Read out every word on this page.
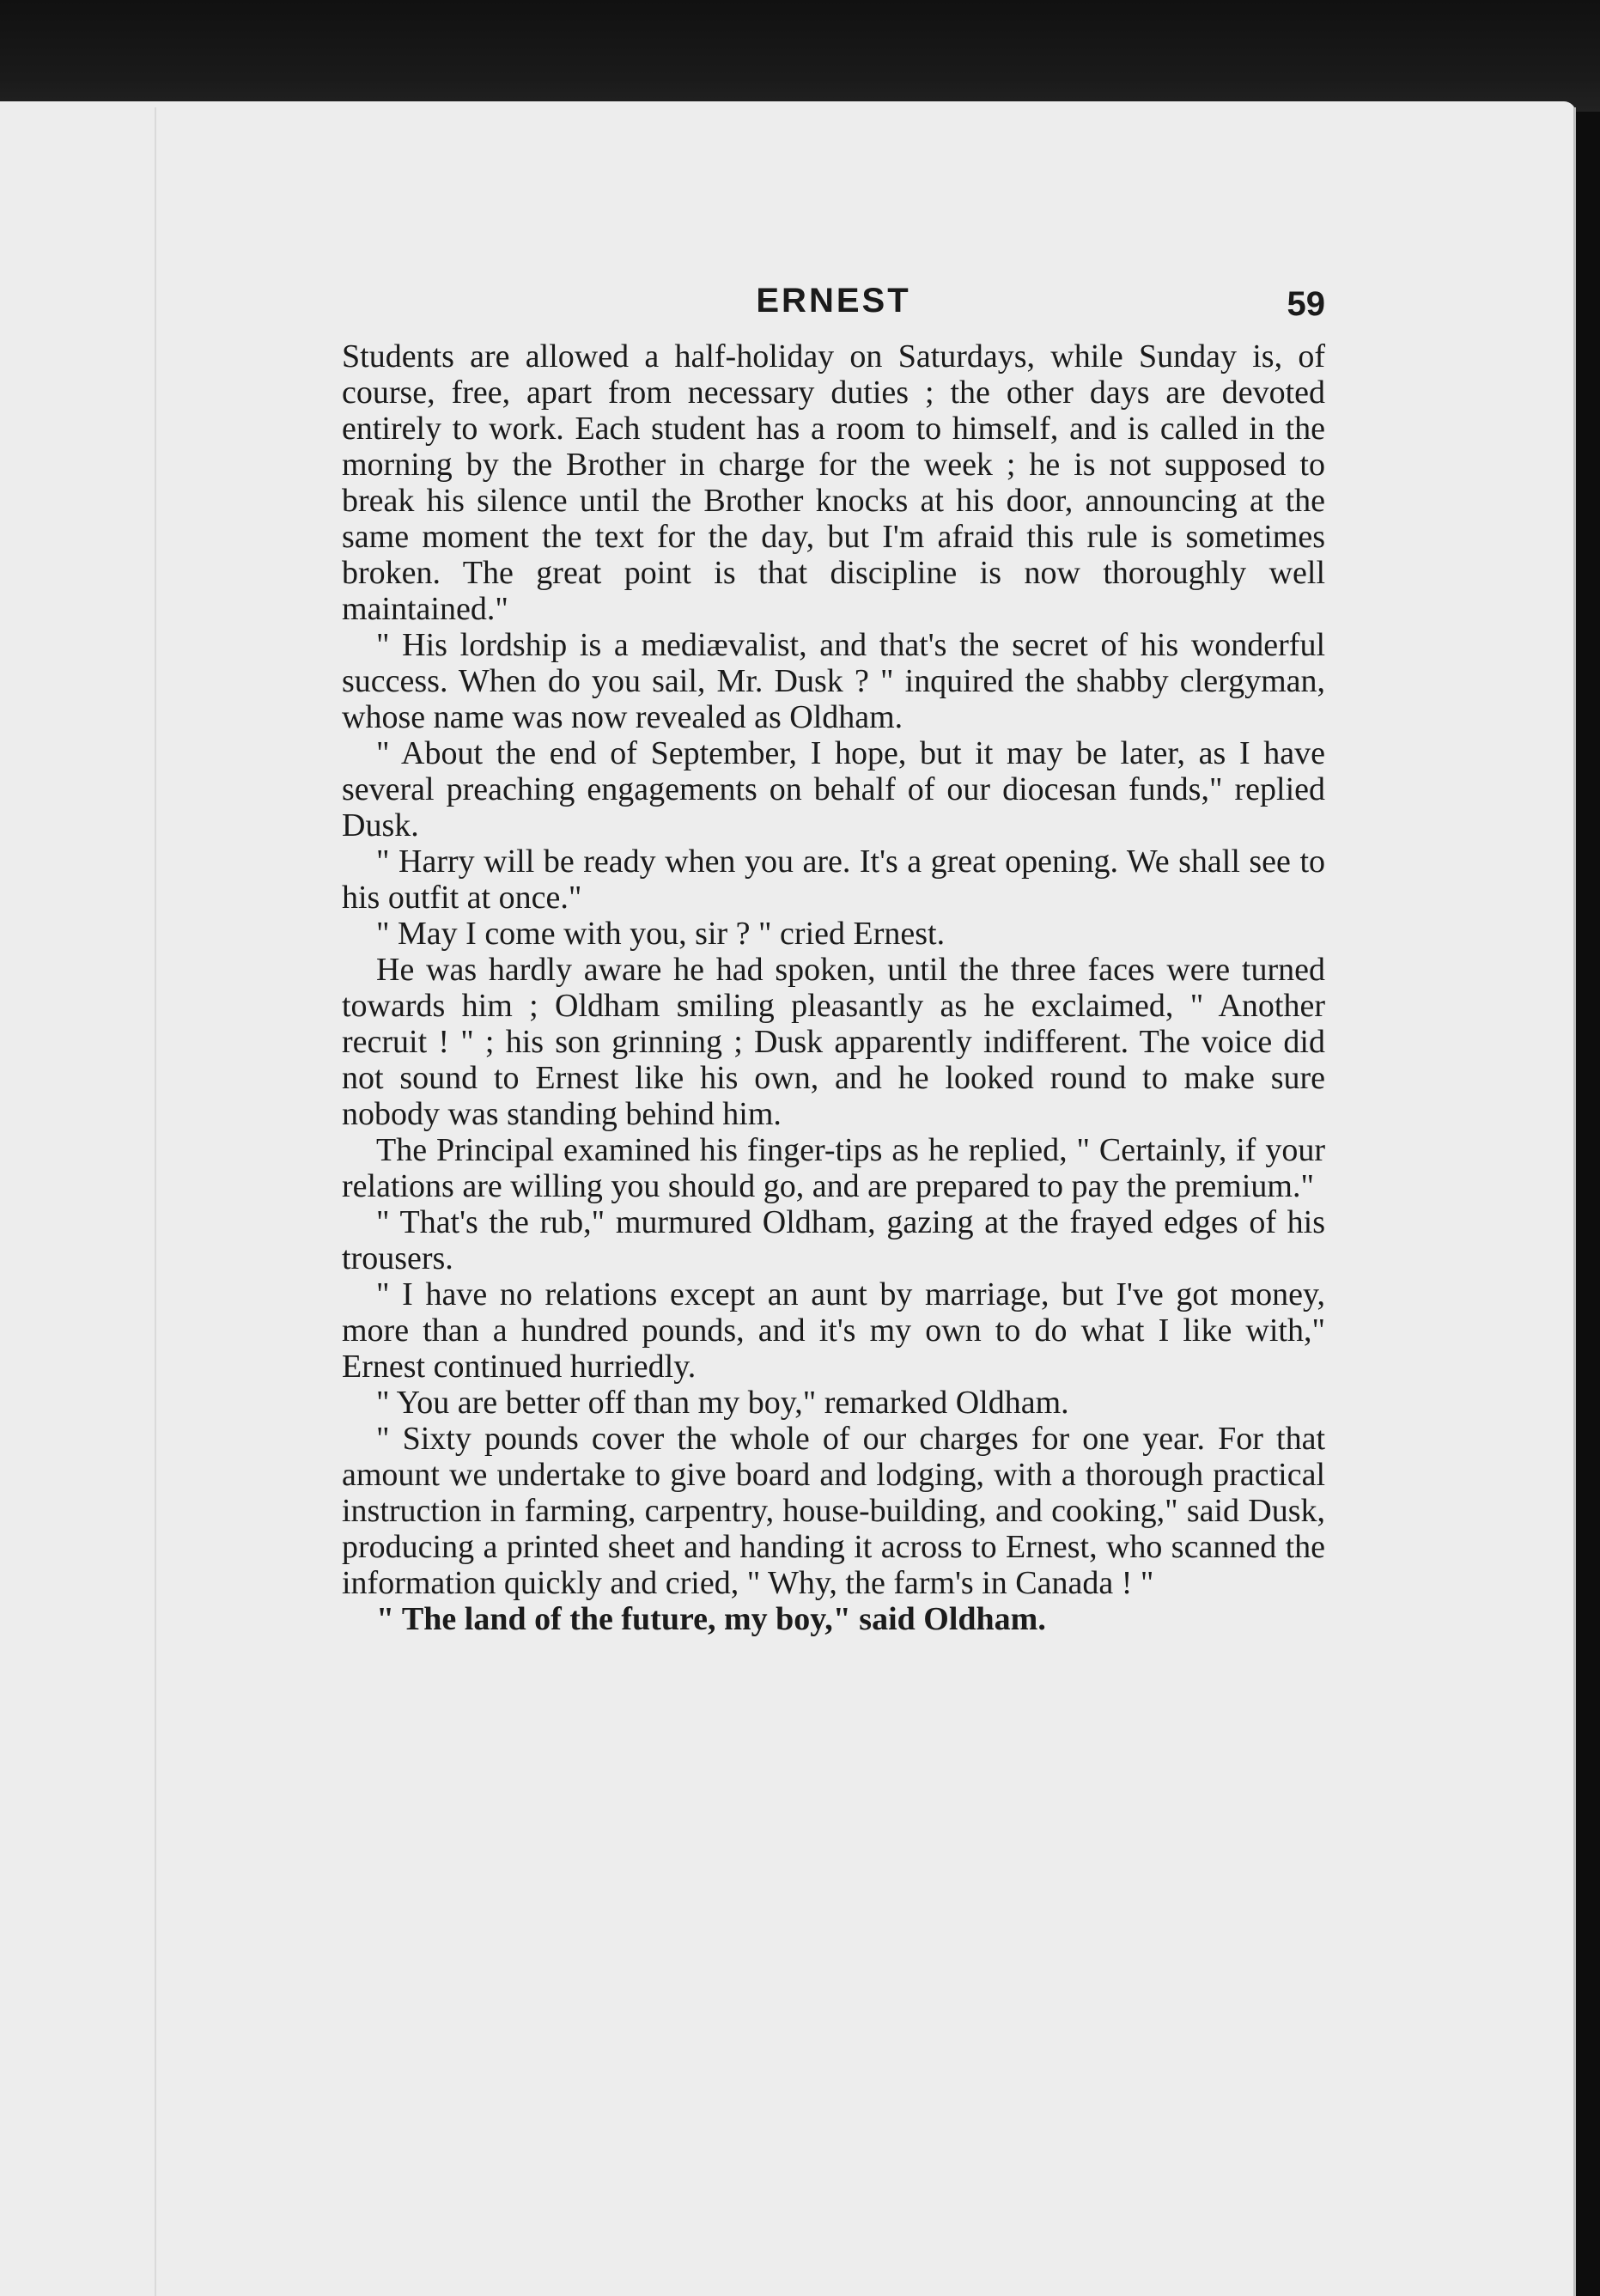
ERNEST	59

Students are allowed a half-holiday on Saturdays, while Sunday is, of course, free, apart from necessary duties ; the other days are devoted entirely to work. Each student has a room to himself, and is called in the morning by the Brother in charge for the week ; he is not supposed to break his silence until the Brother knocks at his door, announcing at the same moment the text for the day, but I'm afraid this rule is sometimes broken. The great point is that discipline is now thoroughly well maintained."

" His lordship is a mediævalist, and that's the secret of his wonderful success. When do you sail, Mr. Dusk ? " inquired the shabby clergyman, whose name was now revealed as Oldham.

" About the end of September, I hope, but it may be later, as I have several preaching engagements on behalf of our diocesan funds," replied Dusk.

" Harry will be ready when you are. It's a great opening. We shall see to his outfit at once."

" May I come with you, sir ? " cried Ernest.

He was hardly aware he had spoken, until the three faces were turned towards him ; Oldham smiling pleasantly as he exclaimed, " Another recruit ! " ; his son grinning ; Dusk apparently indifferent. The voice did not sound to Ernest like his own, and he looked round to make sure nobody was standing behind him.

The Principal examined his finger-tips as he replied, " Certainly, if your relations are willing you should go, and are prepared to pay the premium."

" That's the rub," murmured Oldham, gazing at the frayed edges of his trousers.

" I have no relations except an aunt by marriage, but I've got money, more than a hundred pounds, and it's my own to do what I like with," Ernest continued hurriedly.

" You are better off than my boy," remarked Oldham.

" Sixty pounds cover the whole of our charges for one year. For that amount we undertake to give board and lodging, with a thorough practical instruction in farming, carpentry, house-building, and cooking," said Dusk, producing a printed sheet and handing it across to Ernest, who scanned the information quickly and cried, " Why, the farm's in Canada ! "

" The land of the future, my boy," said Oldham.
